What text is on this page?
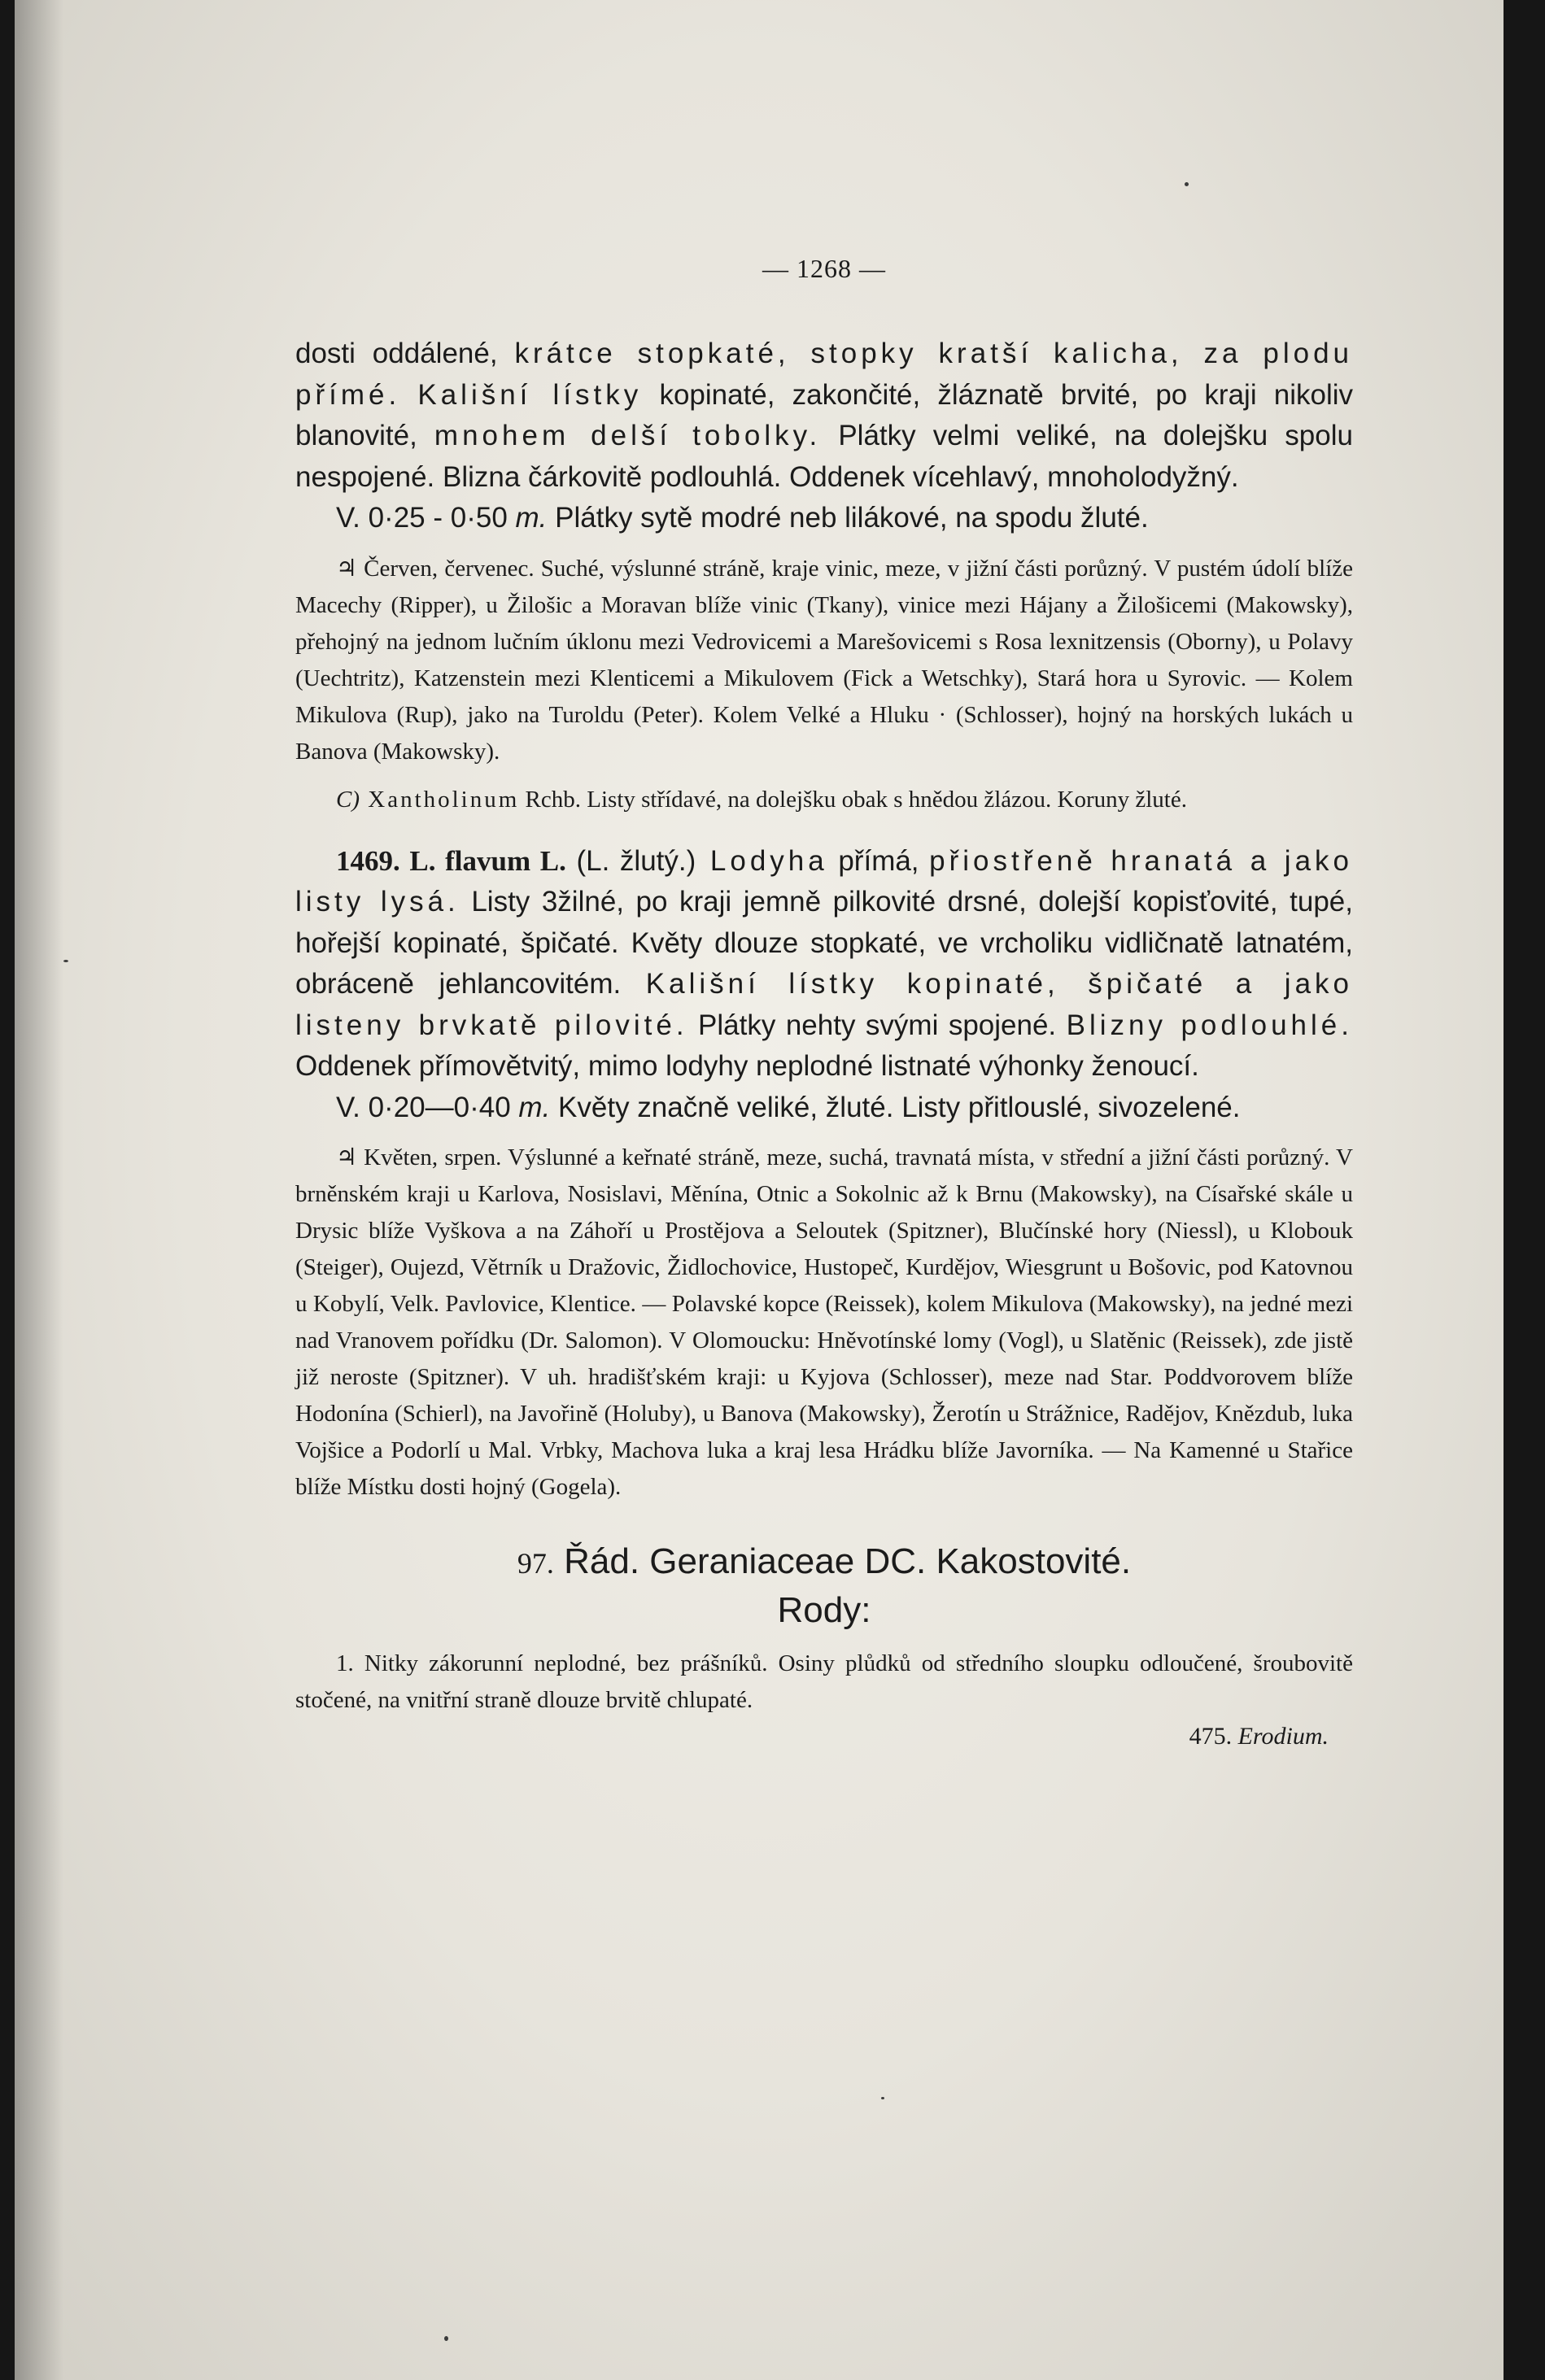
— 1268 —

dosti oddálené, krátce stopkaté, stopky kratší kalicha, za plodu přímé. Kališní lístky kopinaté, zakončité, žláznatě brvité, po kraji nikoliv blanovité, mnohem delší tobolky. Plátky velmi veliké, na dolejšku spolu nespojené. Blizna čárkovitě podlouhlá. Oddenek vícehlavý, mnoholodyžný.

V. 0·25 - 0·50 m. Plátky sytě modré neb lilákové, na spodu žluté.

♃ Červen, červenec. Suché, výslunné stráně, kraje vinic, meze, v jižní části porůzný. V pustém údolí blíže Macechy (Ripper), u Žilošic a Moravan blíže vinic (Tkany), vinice mezi Hájany a Žilošicemi (Makowsky), přehojný na jednom lučním úklonu mezi Vedrovicemi a Marešovicemi s Rosa lexnitzensis (Oborny), u Polavy (Uechtritz), Katzenstein mezi Klenticemi a Mikulovem (Fick a Wetschky), Stará hora u Syrovic. — Kolem Mikulova (Rup), jako na Turoldu (Peter). Kolem Velké a Hluku · (Schlosser), hojný na horských lukách u Banova (Makowsky).

C) Xantholinum Rchb. Listy střídavé, na dolejšku obak s hnědou žlázou. Koruny žluté.

1469. L. flavum L. (L. žlutý.) Lodyha přímá, přiostřeně hranatá a jako listy lysá. Listy 3žilné, po kraji jemně pilkovité drsné, dolejší kopisťovité, tupé, hořejší kopinaté, špičaté. Květy dlouze stopkaté, ve vrcholiku vidličnatě latnatém, obráceně jehlancovitém. Kališní lístky kopinaté, špičaté a jako listeny brvkatě pilovité. Plátky nehty svými spojené. Blizny podlouhlé. Oddenek přímovětvitý, mimo lodyhy neplodné listnaté výhonky ženoucí.

V. 0·20—0·40 m. Květy značně veliké, žluté. Listy přitlouslé, sivozelené.

♃ Květen, srpen. Výslunné a keřnaté stráně, meze, suchá, travnatá místa, v střední a jižní části porůzný. V brněnském kraji u Karlova, Nosislavi, Měnína, Otnic a Sokolnic až k Brnu (Makowsky), na Císařské skále u Drysic blíže Vyškova a na Záhoří u Prostějova a Seloutek (Spitzner), Blučínské hory (Niessl), u Klobouk (Steiger), Oujezd, Větrník u Dražovic, Židlochovice, Hustopeč, Kurdějov, Wiesgrunt u Bošovic, pod Katovnou u Kobylí, Velk. Pavlovice, Klentice. — Polavské kopce (Reissek), kolem Mikulova (Makowsky), na jedné mezi nad Vranovem pořídku (Dr. Salomon). V Olomoucku: Hněvotínské lomy (Vogl), u Slatěnic (Reissek), zde jistě již neroste (Spitzner). V uh. hradišťském kraji: u Kyjova (Schlosser), meze nad Star. Poddvorovem blíže Hodonína (Schierl), na Javořině (Holuby), u Banova (Makowsky), Žerotín u Strážnice, Radějov, Knězdub, luka Vojšice a Podorlí u Mal. Vrbky, Machova luka a kraj lesa Hrádku blíže Javorníka. — Na Kamenné u Stařice blíže Místku dosti hojný (Gogela).

97. Řád. Geraniaceae DC. Kakostovité.

Rody:

1. Nitky zákorunní neplodné, bez prášníků. Osiny plůdků od středního sloupku odloučené, šroubovitě stočené, na vnitřní straně dlouze brvitě chlupaté.

475. Erodium.
